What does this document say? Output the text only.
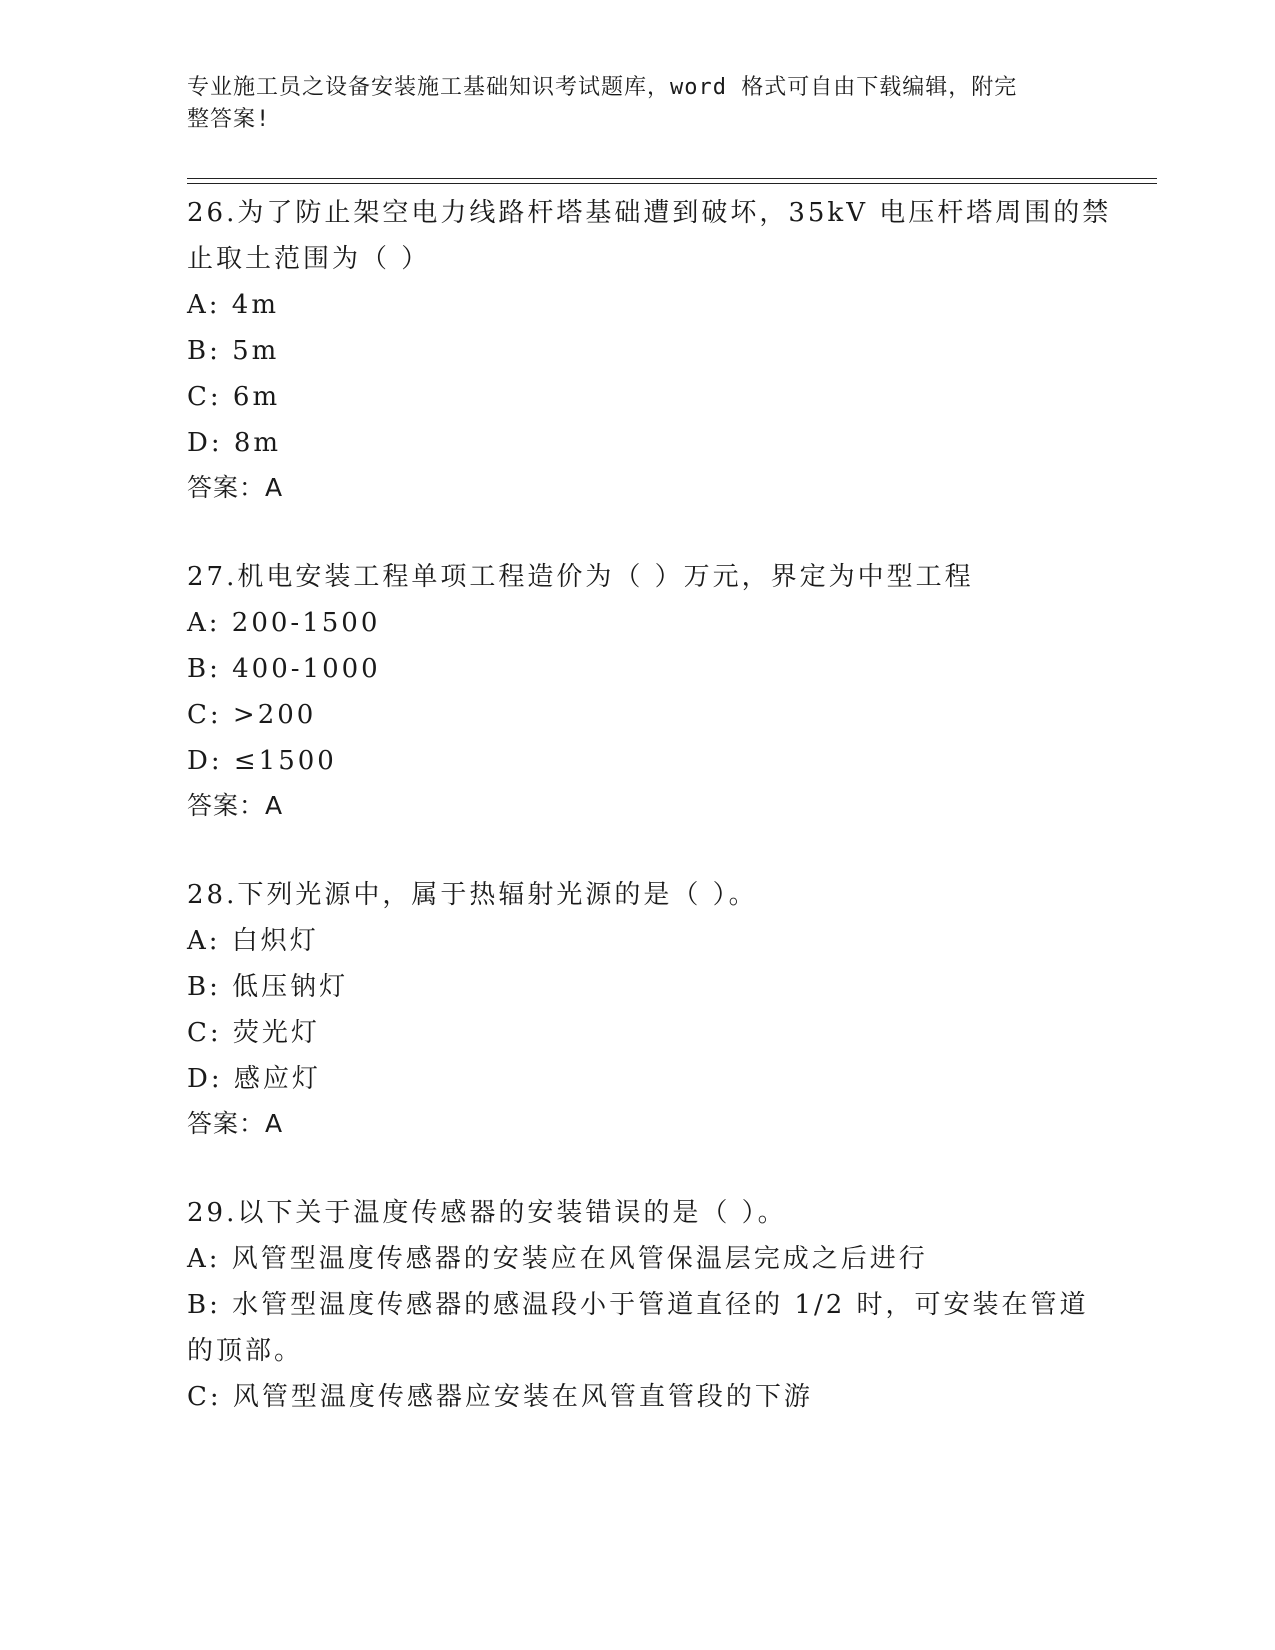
专业施工员之设备安装施工基础知识考试题库，word 格式可自由下载编辑，附完
整答案!
26.为了防止架空电力线路杆塔基础遭到破坏，35kV 电压杆塔周围的禁
止取土范围为（ ）
A: 4m
B: 5m
C: 6m
D: 8m
答案：A
27.机电安装工程单项工程造价为（ ）万元，界定为中型工程
A: 200-1500
B: 400-1000
C: >200
D: ≤1500
答案：A
28.下列光源中，属于热辐射光源的是（ ）。
A: 白炽灯
B: 低压钠灯
C: 荧光灯
D: 感应灯
答案：A
29.以下关于温度传感器的安装错误的是（ ）。
A: 风管型温度传感器的安装应在风管保温层完成之后进行
B: 水管型温度传感器的感温段小于管道直径的 1/2 时，可安装在管道
的顶部。
C: 风管型温度传感器应安装在风管直管段的下游
